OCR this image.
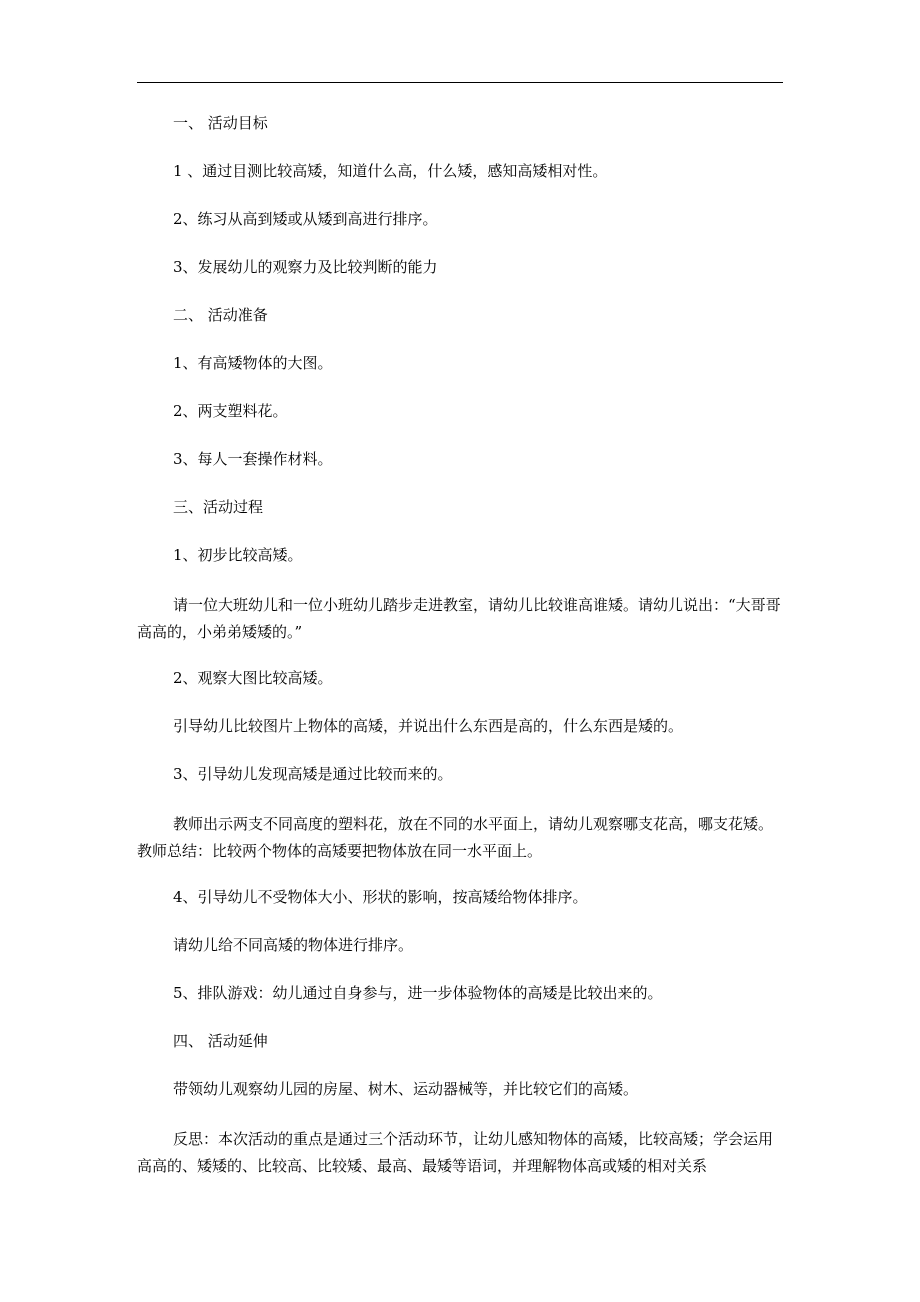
一、 活动目标
1 、通过目测比较高矮，知道什么高，什么矮，感知高矮相对性。
2、练习从高到矮或从矮到高进行排序。
3、发展幼儿的观察力及比较判断的能力
二、 活动准备
1、有高矮物体的大图。
2、两支塑料花。
3、每人一套操作材料。
三、活动过程
1、初步比较高矮。
请一位大班幼儿和一位小班幼儿踏步走进教室，请幼儿比较谁高谁矮。请幼儿说出：“大哥哥高高的，小弟弟矮矮的。”
2、观察大图比较高矮。
引导幼儿比较图片上物体的高矮，并说出什么东西是高的，什么东西是矮的。
3、引导幼儿发现高矮是通过比较而来的。
教师出示两支不同高度的塑料花，放在不同的水平面上，请幼儿观察哪支花高，哪支花矮。教师总结：比较两个物体的高矮要把物体放在同一水平面上。
4、引导幼儿不受物体大小、形状的影响，按高矮给物体排序。
请幼儿给不同高矮的物体进行排序。
5、排队游戏：幼儿通过自身参与，进一步体验物体的高矮是比较出来的。
四、 活动延伸
带领幼儿观察幼儿园的房屋、树木、运动器械等，并比较它们的高矮。
反思：本次活动的重点是通过三个活动环节，让幼儿感知物体的高矮，比较高矮；学会运用高高的、矮矮的、比较高、比较矮、最高、最矮等语词，并理解物体高或矮的相对关系
